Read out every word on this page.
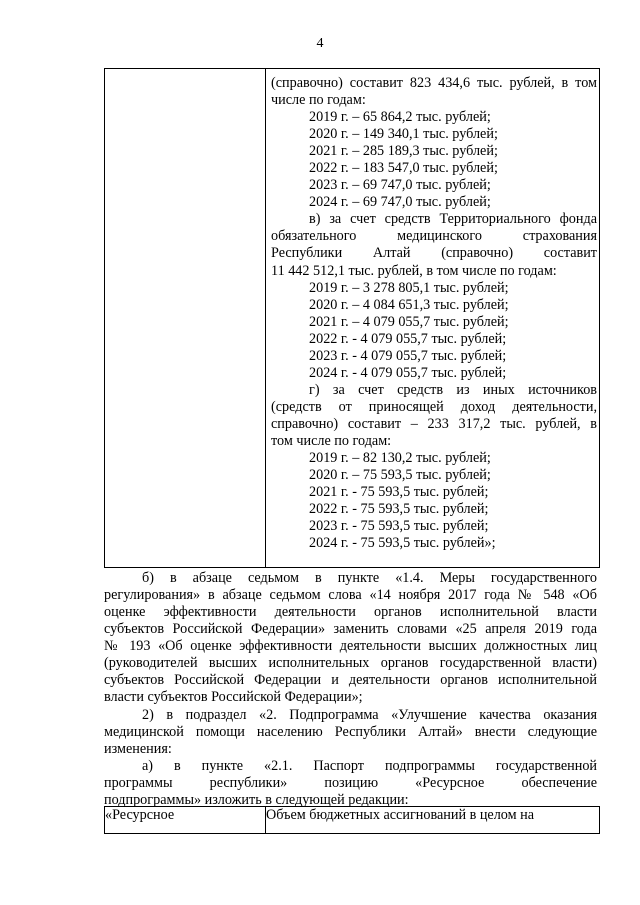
4

(справочно) составит 823 434,6 тыс. рублей, в том

числе по годам:

2019 г. – 65 864,2 тыс. рублей;

2020 г. – 149 340,1 тыс. рублей;

2021 г. – 285 189,3 тыс. рублей;

2022 г. – 183 547,0 тыс. рублей;

2023 г. – 69 747,0 тыс. рублей;

2024 г. – 69 747,0 тыс. рублей;

в) за счет средств Территориального фонда

обязательного медицинского страхования

Республики Алтай (справочно) составит

11 442 512,1 тыс. рублей, в том числе по годам:

2019 г. – 3 278 805,1 тыс. рублей;

2020 г. – 4 084 651,3 тыс. рублей;

2021 г. – 4 079 055,7 тыс. рублей;

2022 г. - 4 079 055,7 тыс. рублей;

2023 г. - 4 079 055,7 тыс. рублей;

2024 г. - 4 079 055,7 тыс. рублей;

г) за счет средств из иных источников

(средств от приносящей доход деятельности,

справочно) составит – 233 317,2 тыс. рублей, в

том числе по годам:

2019 г. – 82 130,2 тыс. рублей;

2020 г. – 75 593,5 тыс. рублей;

2021 г. - 75 593,5 тыс. рублей;

2022 г. - 75 593,5 тыс. рублей;

2023 г. - 75 593,5 тыс. рублей;

2024 г. - 75 593,5 тыс. рублей»;

б) в абзаце седьмом в пункте «1.4. Меры государственного

регулирования» в абзаце седьмом слова «14 ноября 2017 года № 548 «Об

оценке эффективности деятельности органов исполнительной власти

субъектов Российской Федерации» заменить словами «25 апреля 2019 года

№ 193 «Об оценке эффективности деятельности высших должностных лиц

(руководителей высших исполнительных органов государственной власти)

субъектов Российской Федерации и деятельности органов исполнительной

власти субъектов Российской Федерации»;

2) в подраздел «2. Подпрограмма «Улучшение качества оказания

медицинской помощи населению Республики Алтай» внести следующие

изменения:

а) в пункте «2.1. Паспорт подпрограммы государственной

программы республики» позицию «Ресурсное обеспечение

подпрограммы» изложить в следующей редакции:

«Ресурсное	Объем бюджетных ассигнований в целом на
